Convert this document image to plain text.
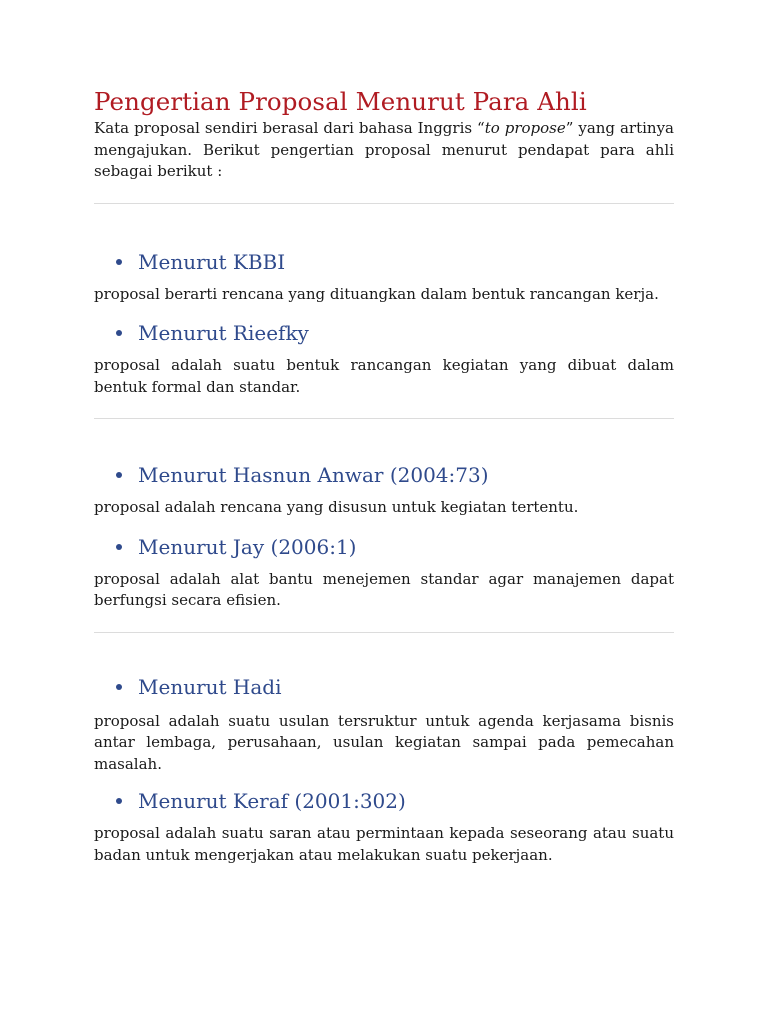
Pengertian Proposal Menurut Para Ahli

Kata proposal sendiri berasal dari bahasa Inggris “to propose” yang artinya mengajukan. Berikut pengertian proposal menurut pendapat para ahli sebagai berikut :

Menurut KBBI

proposal berarti rencana yang dituangkan dalam bentuk rancangan kerja.

Menurut Rieefky

proposal adalah suatu bentuk rancangan kegiatan yang dibuat dalam bentuk formal dan standar.

Menurut Hasnun Anwar (2004:73)

proposal adalah rencana yang disusun untuk kegiatan tertentu.

Menurut Jay (2006:1)

proposal adalah alat bantu menejemen standar agar manajemen dapat berfungsi secara efisien.

Menurut Hadi

proposal adalah suatu usulan tersruktur untuk agenda kerjasama bisnis antar lembaga, perusahaan, usulan kegiatan sampai pada pemecahan masalah.

Menurut Keraf (2001:302)

proposal adalah suatu saran atau permintaan kepada seseorang atau suatu badan untuk mengerjakan atau melakukan suatu pekerjaan.
